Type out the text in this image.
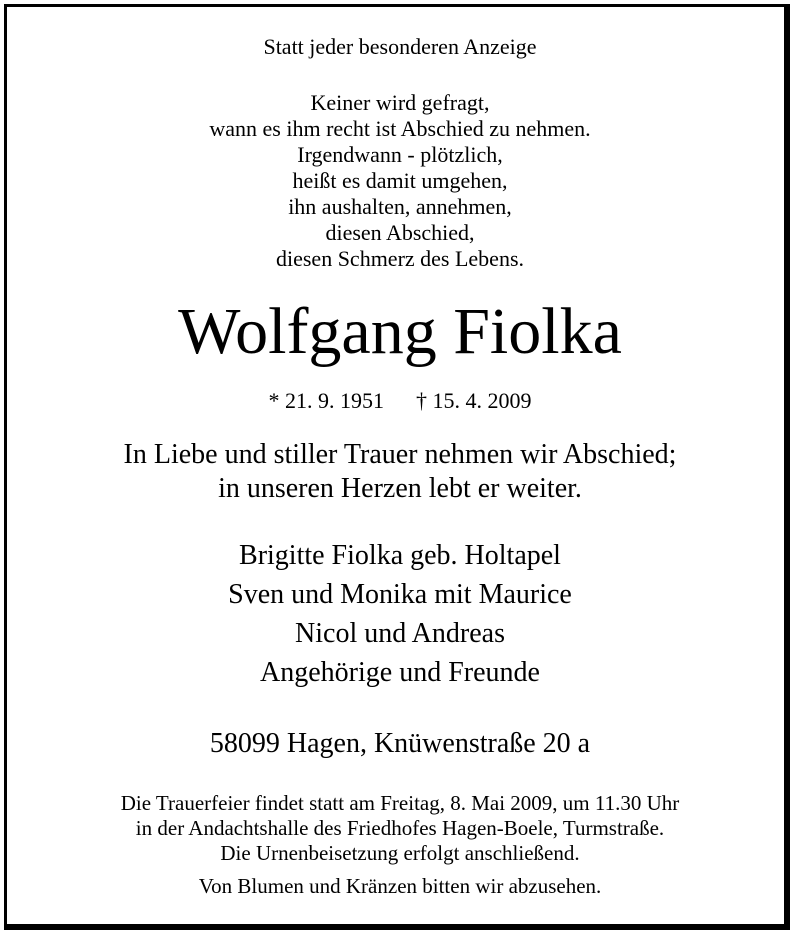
Statt jeder besonderen Anzeige
Keiner wird gefragt,
wann es ihm recht ist Abschied zu nehmen.
Irgendwann - plötzlich,
heißt es damit umgehen,
ihn aushalten, annehmen,
diesen Abschied,
diesen Schmerz des Lebens.
Wolfgang Fiolka
* 21. 9. 1951 † 15. 4. 2009
In Liebe und stiller Trauer nehmen wir Abschied;
in unseren Herzen lebt er weiter.
Brigitte Fiolka geb. Holtapel
Sven und Monika mit Maurice
Nicol und Andreas
Angehörige und Freunde
58099 Hagen, Knüwenstraße 20 a
Die Trauerfeier findet statt am Freitag, 8. Mai 2009, um 11.30 Uhr
in der Andachtshalle des Friedhofes Hagen-Boele, Turmstraße.
Die Urnenbeisetzung erfolgt anschließend.
Von Blumen und Kränzen bitten wir abzusehen.
